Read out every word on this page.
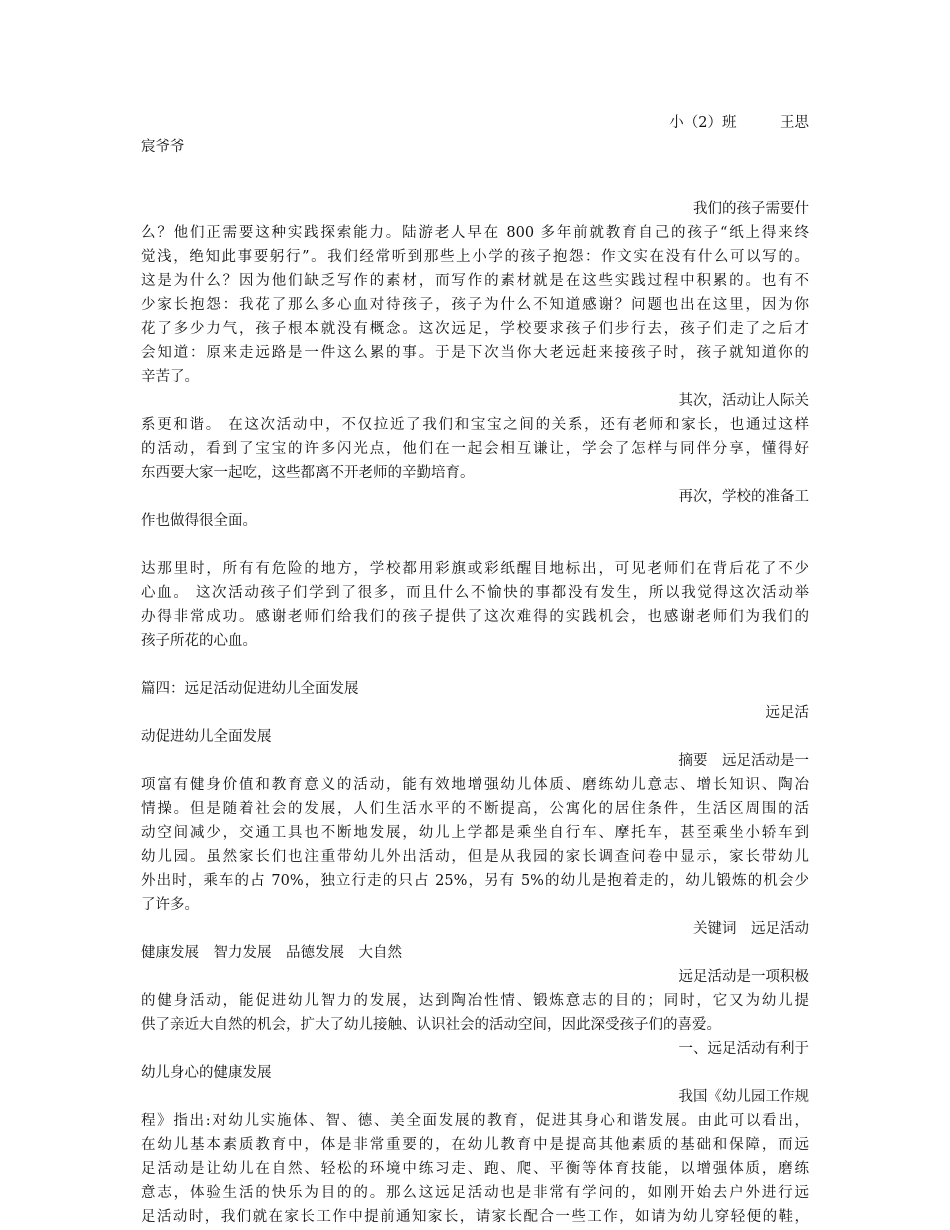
小（2）班　　　王思
宸爷爷
我们的孩子需要什
么？他们正需要这种实践探索能力。陆游老人早在 800 多年前就教育自己的孩子“纸上得来终
觉浅，绝知此事要躬行”。我们经常听到那些上小学的孩子抱怨：作文实在没有什么可以写的。
这是为什么？因为他们缺乏写作的素材，而写作的素材就是在这些实践过程中积累的。也有不
少家长抱怨：我花了那么多心血对待孩子，孩子为什么不知道感谢？问题也出在这里，因为你
花了多少力气，孩子根本就没有概念。这次远足，学校要求孩子们步行去，孩子们走了之后才
会知道：原来走远路是一件这么累的事。于是下次当你大老远赶来接孩子时，孩子就知道你的
辛苦了。
其次，活动让人际关
系更和谐。 在这次活动中，不仅拉近了我们和宝宝之间的关系，还有老师和家长，也通过这样
的活动，看到了宝宝的许多闪光点，他们在一起会相互谦让，学会了怎样与同伴分享，懂得好
东西要大家一起吃，这些都离不开老师的辛勤培育。
再次，学校的准备工
作也做得很全面。
达那里时，所有有危险的地方，学校都用彩旗或彩纸醒目地标出，可见老师们在背后花了不少
心血。 这次活动孩子们学到了很多，而且什么不愉快的事都没有发生，所以我觉得这次活动举
办得非常成功。感谢老师们给我们的孩子提供了这次难得的实践机会，也感谢老师们为我们的
孩子所花的心血。
篇四：远足活动促进幼儿全面发展
远足活
动促进幼儿全面发展
摘要　远足活动是一
项富有健身价值和教育意义的活动，能有效地增强幼儿体质、磨练幼儿意志、增长知识、陶冶
情操。但是随着社会的发展，人们生活水平的不断提高，公寓化的居住条件，生活区周围的活
动空间减少，交通工具也不断地发展，幼儿上学都是乘坐自行车、摩托车，甚至乘坐小轿车到
幼儿园。虽然家长们也注重带幼儿外出活动，但是从我园的家长调查问卷中显示，家长带幼儿
外出时，乘车的占 70%，独立行走的只占 25%，另有 5%的幼儿是抱着走的，幼儿锻炼的机会少
了许多。
关键词　远足活动
健康发展　智力发展　品德发展　大自然
远足活动是一项积极
的健身活动，能促进幼儿智力的发展，达到陶冶性情、锻炼意志的目的；同时，它又为幼儿提
供了亲近大自然的机会，扩大了幼儿接触、认识社会的活动空间，因此深受孩子们的喜爱。
一、远足活动有利于
幼儿身心的健康发展
我国《幼儿园工作规
程》指出:对幼儿实施体、智、德、美全面发展的教育，促进其身心和谐发展。由此可以看出，
在幼儿基本素质教育中，体是非常重要的，在幼儿教育中是提高其他素质的基础和保障，而远
足活动是让幼儿在自然、轻松的环境中练习走、跑、爬、平衡等体育技能，以增强体质，磨练
意志，体验生活的快乐为目的的。那么这远足活动也是非常有学问的，如刚开始去户外进行远
足活动时，我们就在家长工作中提前通知家长，请家长配合一些工作，如请为幼儿穿轻便的鞋，
